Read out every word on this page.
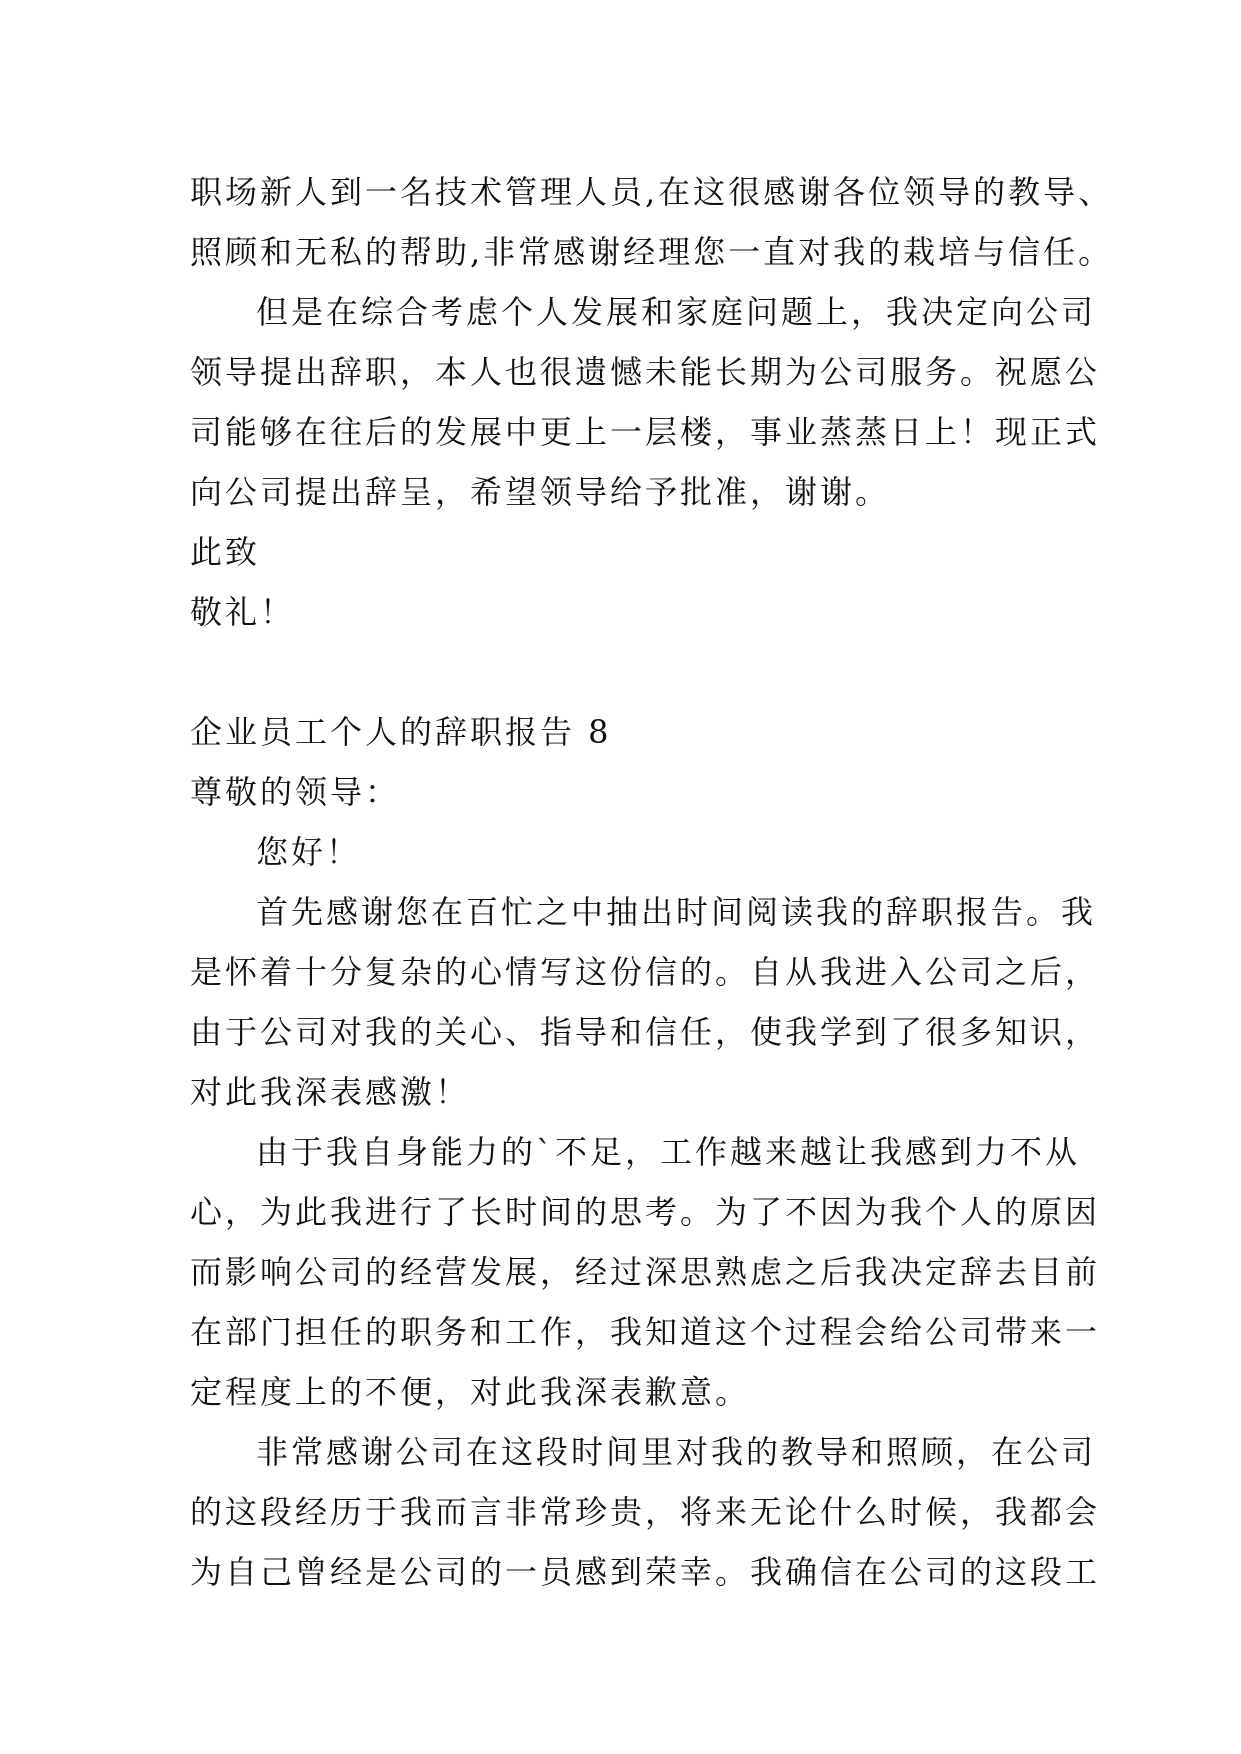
职场新人到一名技术管理人员,在这很感谢各位领导的教导、
照顾和无私的帮助,非常感谢经理您一直对我的栽培与信任。
但是在综合考虑个人发展和家庭问题上，我决定向公司
领导提出辞职，本人也很遗憾未能长期为公司服务。祝愿公
司能够在往后的发展中更上一层楼，事业蒸蒸日上！现正式
向公司提出辞呈，希望领导给予批准，谢谢。
此致
敬礼！
企业员工个人的辞职报告 8
尊敬的领导：
您好！
首先感谢您在百忙之中抽出时间阅读我的辞职报告。我
是怀着十分复杂的心情写这份信的。自从我进入公司之后，
由于公司对我的关心、指导和信任，使我学到了很多知识，
对此我深表感激！
由于我自身能力的`不足，工作越来越让我感到力不从
心，为此我进行了长时间的思考。为了不因为我个人的原因
而影响公司的经营发展，经过深思熟虑之后我决定辞去目前
在部门担任的职务和工作，我知道这个过程会给公司带来一
定程度上的不便，对此我深表歉意。
非常感谢公司在这段时间里对我的教导和照顾，在公司
的这段经历于我而言非常珍贵，将来无论什么时候，我都会
为自己曾经是公司的一员感到荣幸。我确信在公司的这段工
